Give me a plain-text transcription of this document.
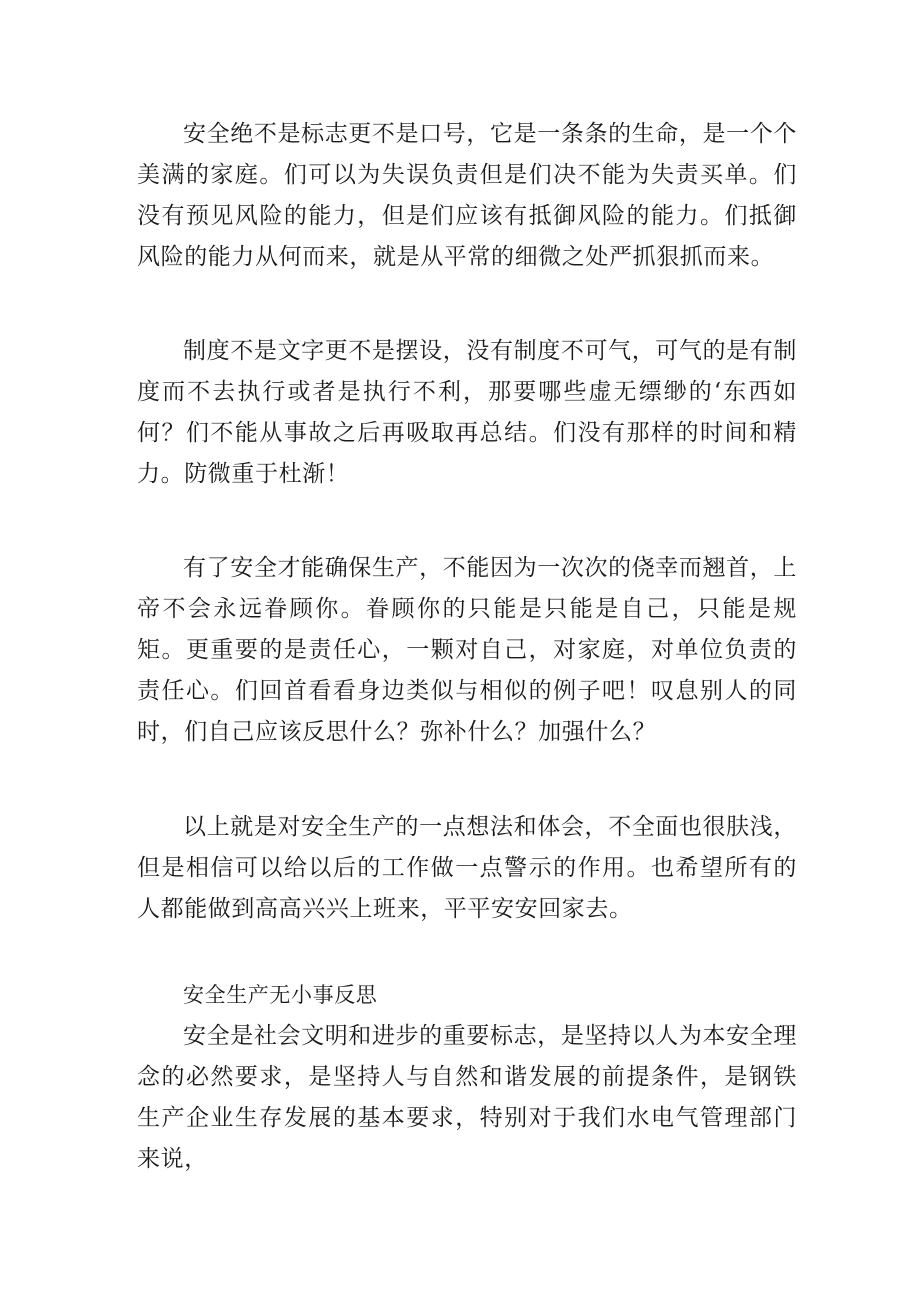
安全绝不是标志更不是口号，它是一条条的生命，是一个个美满的家庭。们可以为失误负责但是们决不能为失责买单。们没有预见风险的能力，但是们应该有抵御风险的能力。们抵御风险的能力从何而来，就是从平常的细微之处严抓狠抓而来。

制度不是文字更不是摆设，没有制度不可气，可气的是有制度而不去执行或者是执行不利，那要哪些虚无缥缈的‘东西如何？们不能从事故之后再吸取再总结。们没有那样的时间和精力。防微重于杜渐！

有了安全才能确保生产，不能因为一次次的侥幸而翘首，上帝不会永远眷顾你。眷顾你的只能是只能是自己，只能是规矩。更重要的是责任心，一颗对自己，对家庭，对单位负责的责任心。们回首看看身边类似与相似的例子吧！叹息别人的同时，们自己应该反思什么？弥补什么？加强什么？

以上就是对安全生产的一点想法和体会，不全面也很肤浅，但是相信可以给以后的工作做一点警示的作用。也希望所有的人都能做到高高兴兴上班来，平平安安回家去。

安全生产无小事反思

安全是社会文明和进步的重要标志，是坚持以人为本安全理念的必然要求，是坚持人与自然和谐发展的前提条件，是钢铁生产企业生存发展的基本要求，特别对于我们水电气管理部门来说，
